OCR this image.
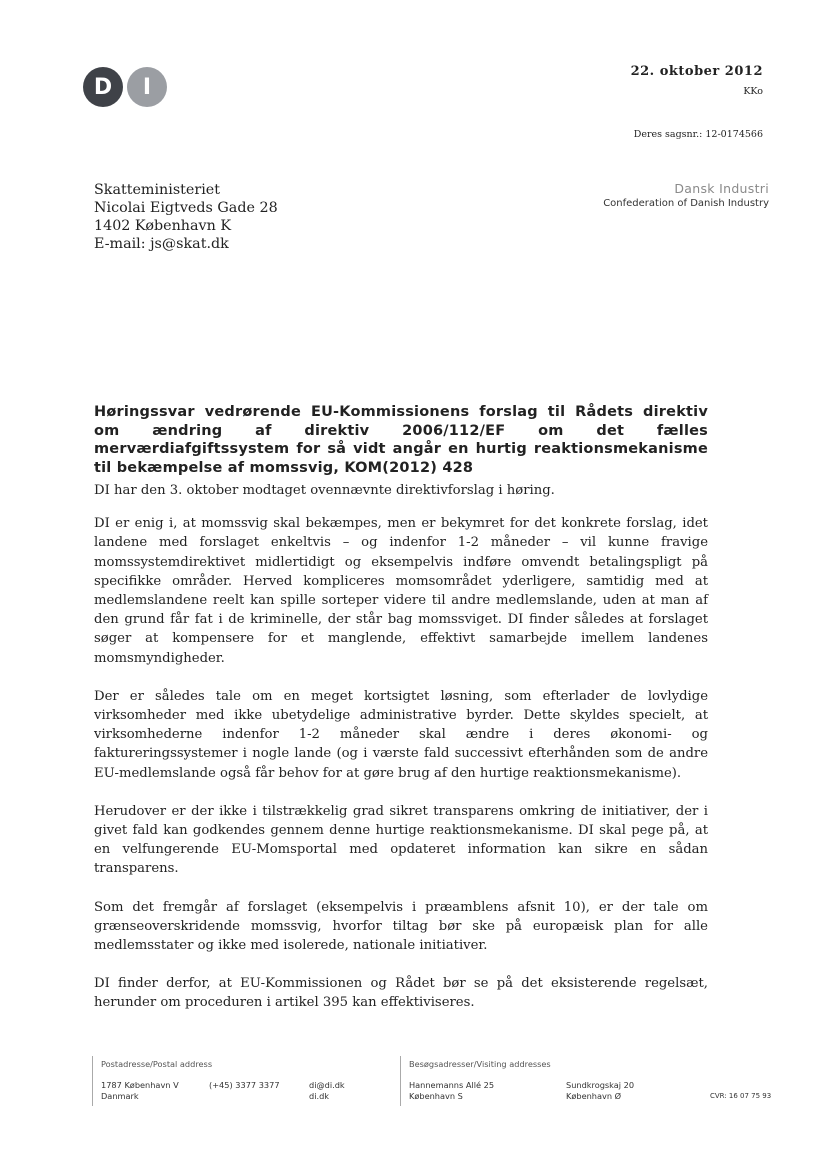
D	I
22. oktober 2012
KKo
Deres sagsnr.: 12-0174566
Skatteministeriet
Nicolai Eigtveds Gade 28
1402 København K
E-mail: js@skat.dk
Dansk Industri
Confederation of Danish Industry
Høringssvar vedrørende EU-Kommissionens forslag til Rådets direktiv om ændring af direktiv 2006/112/EF om det fælles merværdiafgiftssystem for så vidt angår en hurtig reaktionsmekanisme til bekæmpelse af momssvig, KOM(2012) 428

DI har den 3. oktober modtaget ovennævnte direktivforslag i høring.

DI er enig i, at momssvig skal bekæmpes, men er bekymret for det konkrete forslag, idet landene med forslaget enkeltvis – og indenfor 1-2 måneder – vil kunne fravige momssystemdirektivet midlertidigt og eksempelvis indføre omvendt betalingspligt på specifikke områder. Herved kompliceres momsområdet yderligere, samtidig med at medlemslandene reelt kan spille sorteper videre til andre medlemslande, uden at man af den grund får fat i de kriminelle, der står bag momssviget. DI finder således at forslaget søger at kompensere for et manglende, effektivt samarbejde imellem landenes momsmyndigheder.

Der er således tale om en meget kortsigtet løsning, som efterlader de lovlydige virksomheder med ikke ubetydelige administrative byrder. Dette skyldes specielt, at virksomhederne indenfor 1-2 måneder skal ændre i deres økonomi- og faktureringssystemer i nogle lande (og i værste fald successivt efterhånden som de andre EU-medlemslande også får behov for at gøre brug af den hurtige reaktionsmekanisme).

Herudover er der ikke i tilstrækkelig grad sikret transparens omkring de initiativer, der i givet fald kan godkendes gennem denne hurtige reaktionsmekanisme. DI skal pege på, at en velfungerende EU-Momsportal med opdateret information kan sikre en sådan transparens.

Som det fremgår af forslaget (eksempelvis i præamblens afsnit 10), er der tale om grænseoverskridende momssvig, hvorfor tiltag bør ske på europæisk plan for alle medlemsstater og ikke med isolerede, nationale initiativer.

DI finder derfor, at EU-Kommissionen og Rådet bør se på det eksisterende regelsæt, herunder om proceduren i artikel 395 kan effektiviseres.

Postadresse/Postal address
1787 København V
Danmark
(+45) 3377 3377	di@di.dk
di.dk
Besøgsadresser/Visiting addresses
Hannemanns Allé 25
København S
Sundkrogskaj 20
København Ø	CVR: 16 07 75 93
